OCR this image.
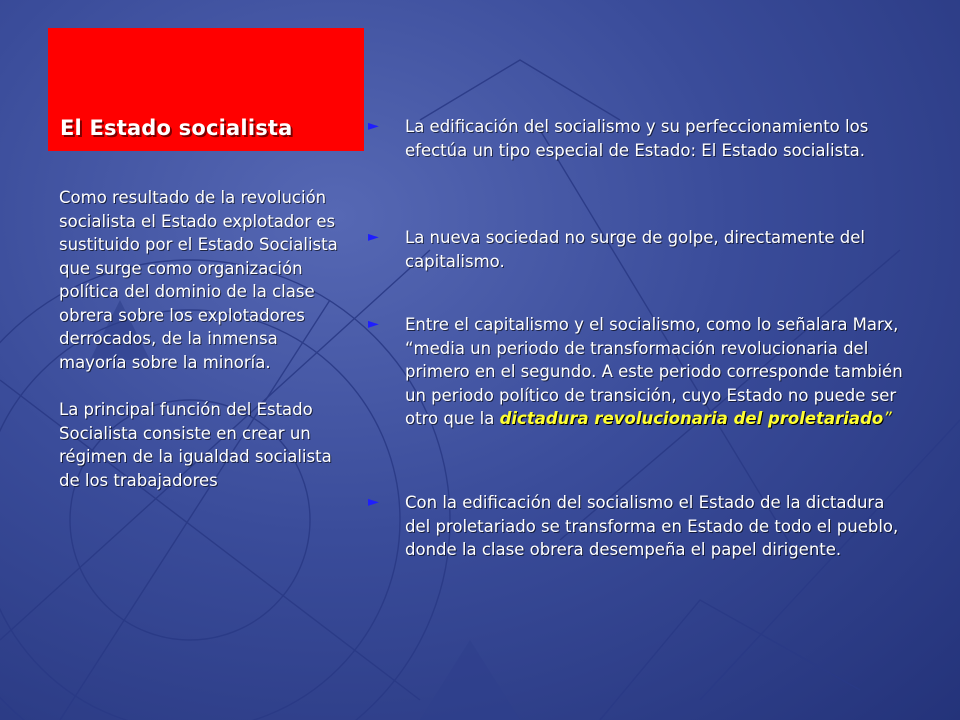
El Estado socialista

Como resultado de la revolución socialista el Estado explotador es sustituido por el Estado Socialista que surge como organización política del dominio de la clase obrera sobre los explotadores derrocados, de la inmensa mayoría sobre la minoría.

La principal función del Estado Socialista consiste en crear un régimen de la igualdad socialista de los trabajadores

►	La edificación del socialismo y su perfeccionamiento los efectúa un tipo especial de Estado: El Estado socialista.
►	La nueva sociedad no surge de golpe, directamente del capitalismo.
►	Entre el capitalismo y el socialismo, como lo señalara Marx, “media un periodo de transformación revolucionaria del primero en el segundo. A este periodo corresponde también un periodo político de transición, cuyo Estado no puede ser otro que la dictadura revolucionaria del proletariado”
►	Con la edificación del socialismo el Estado de la dictadura del proletariado se transforma en Estado de todo el pueblo, donde la clase obrera desempeña el papel dirigente.
